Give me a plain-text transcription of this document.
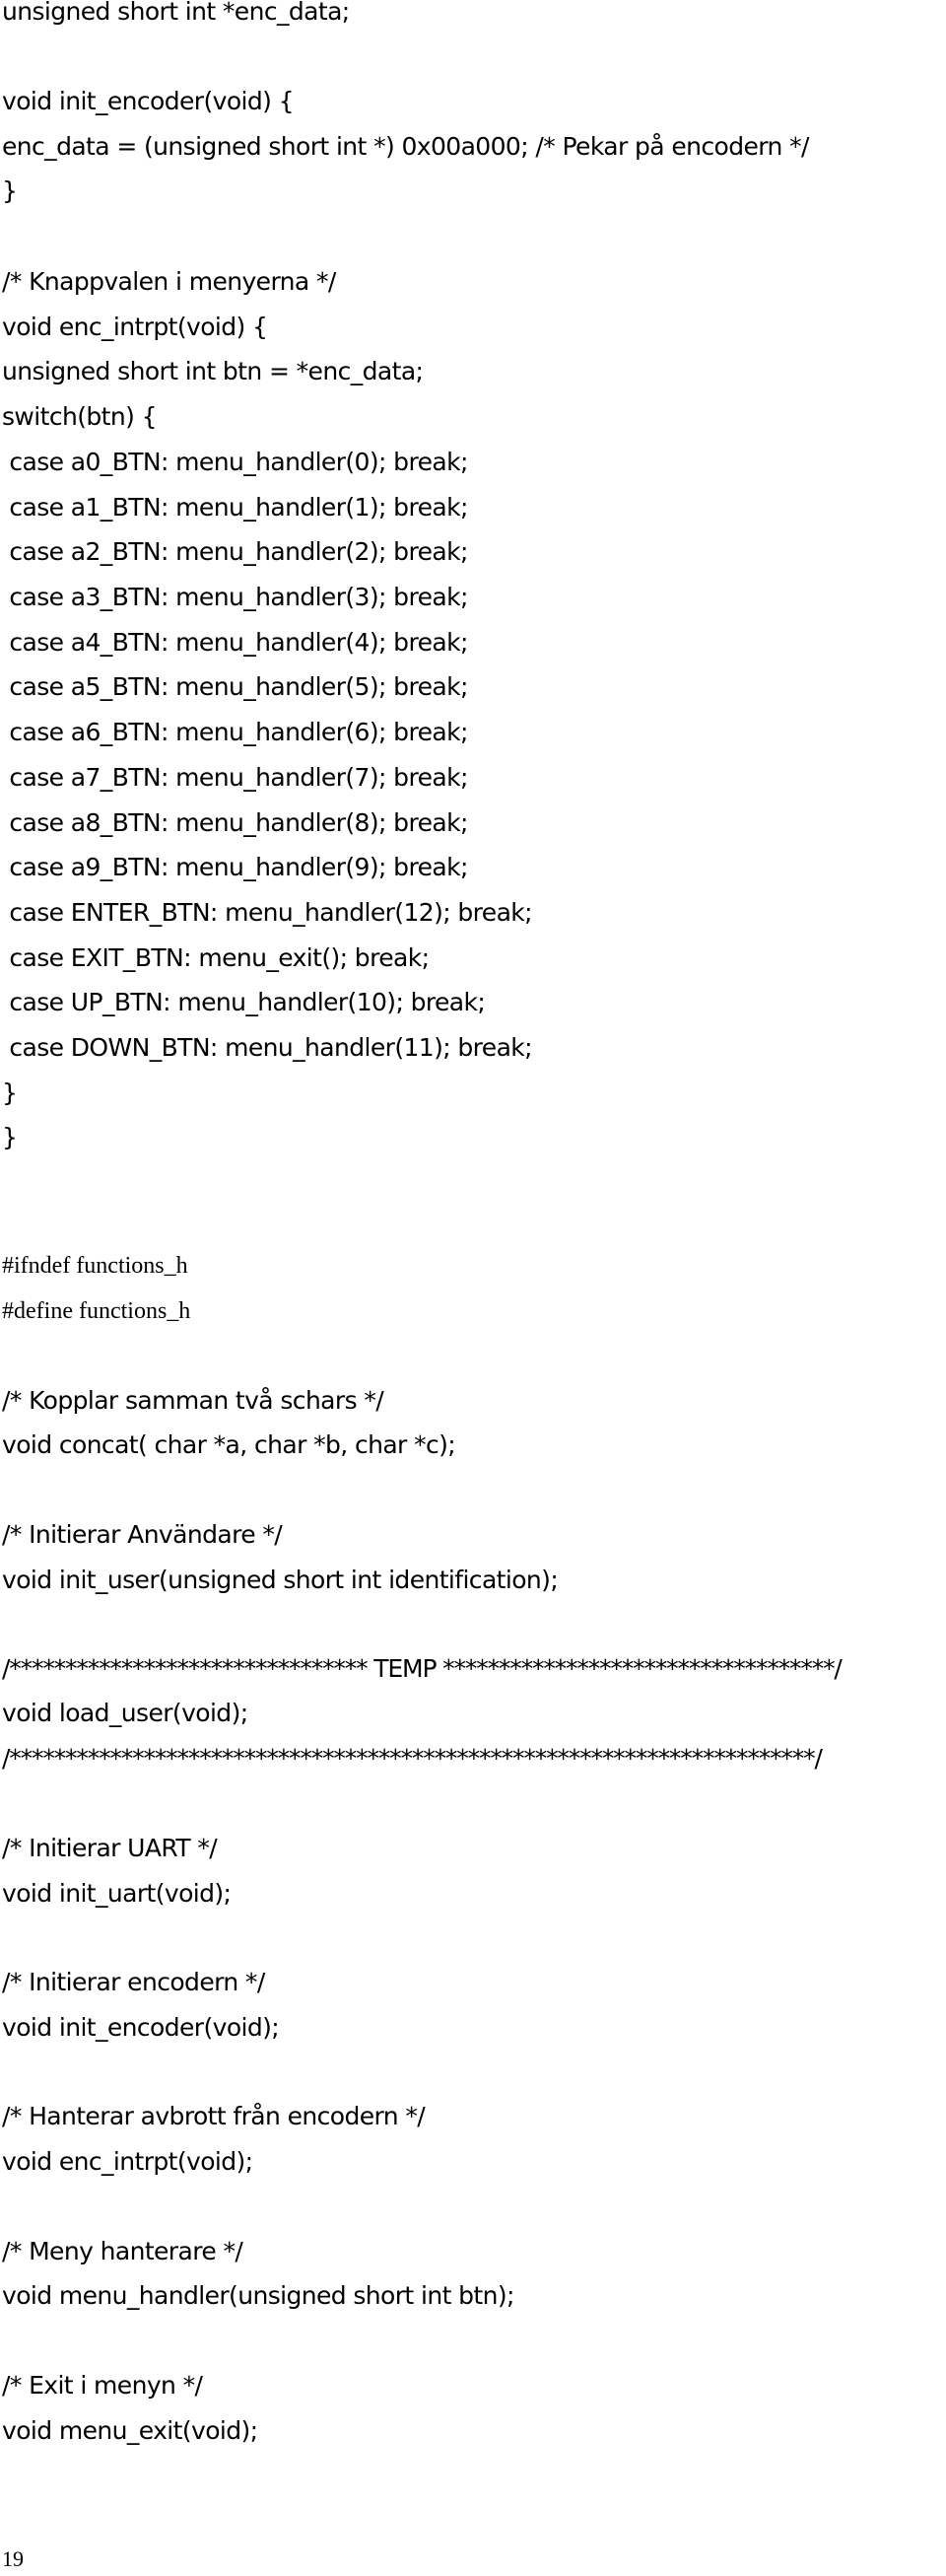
unsigned short int *enc_data;
void init_encoder(void) {
enc_data = (unsigned short int *) 0x00a000; /* Pekar på encodern */
}
/* Knappvalen i menyerna */
void enc_intrpt(void) {
unsigned short int btn = *enc_data;
switch(btn) {
case a0_BTN: menu_handler(0); break;
case a1_BTN: menu_handler(1); break;
case a2_BTN: menu_handler(2); break;
case a3_BTN: menu_handler(3); break;
case a4_BTN: menu_handler(4); break;
case a5_BTN: menu_handler(5); break;
case a6_BTN: menu_handler(6); break;
case a7_BTN: menu_handler(7); break;
case a8_BTN: menu_handler(8); break;
case a9_BTN: menu_handler(9); break;
case ENTER_BTN: menu_handler(12); break;
case EXIT_BTN: menu_exit(); break;
case UP_BTN: menu_handler(10); break;
case DOWN_BTN: menu_handler(11); break;
}
}
#ifndef functions_h
#define functions_h
/* Kopplar samman två schars */
void concat( char *a, char *b, char *c);
/* Initierar Användare */
void init_user(unsigned short int identification);
/******************************** TEMP ***********************************/
void load_user(void);
/************************************************************************/
/* Initierar UART */
void init_uart(void);
/* Initierar encodern */
void init_encoder(void);
/* Hanterar avbrott från encodern */
void enc_intrpt(void);
/* Meny hanterare */
void menu_handler(unsigned short int btn);
/* Exit i menyn */
void menu_exit(void);
19
